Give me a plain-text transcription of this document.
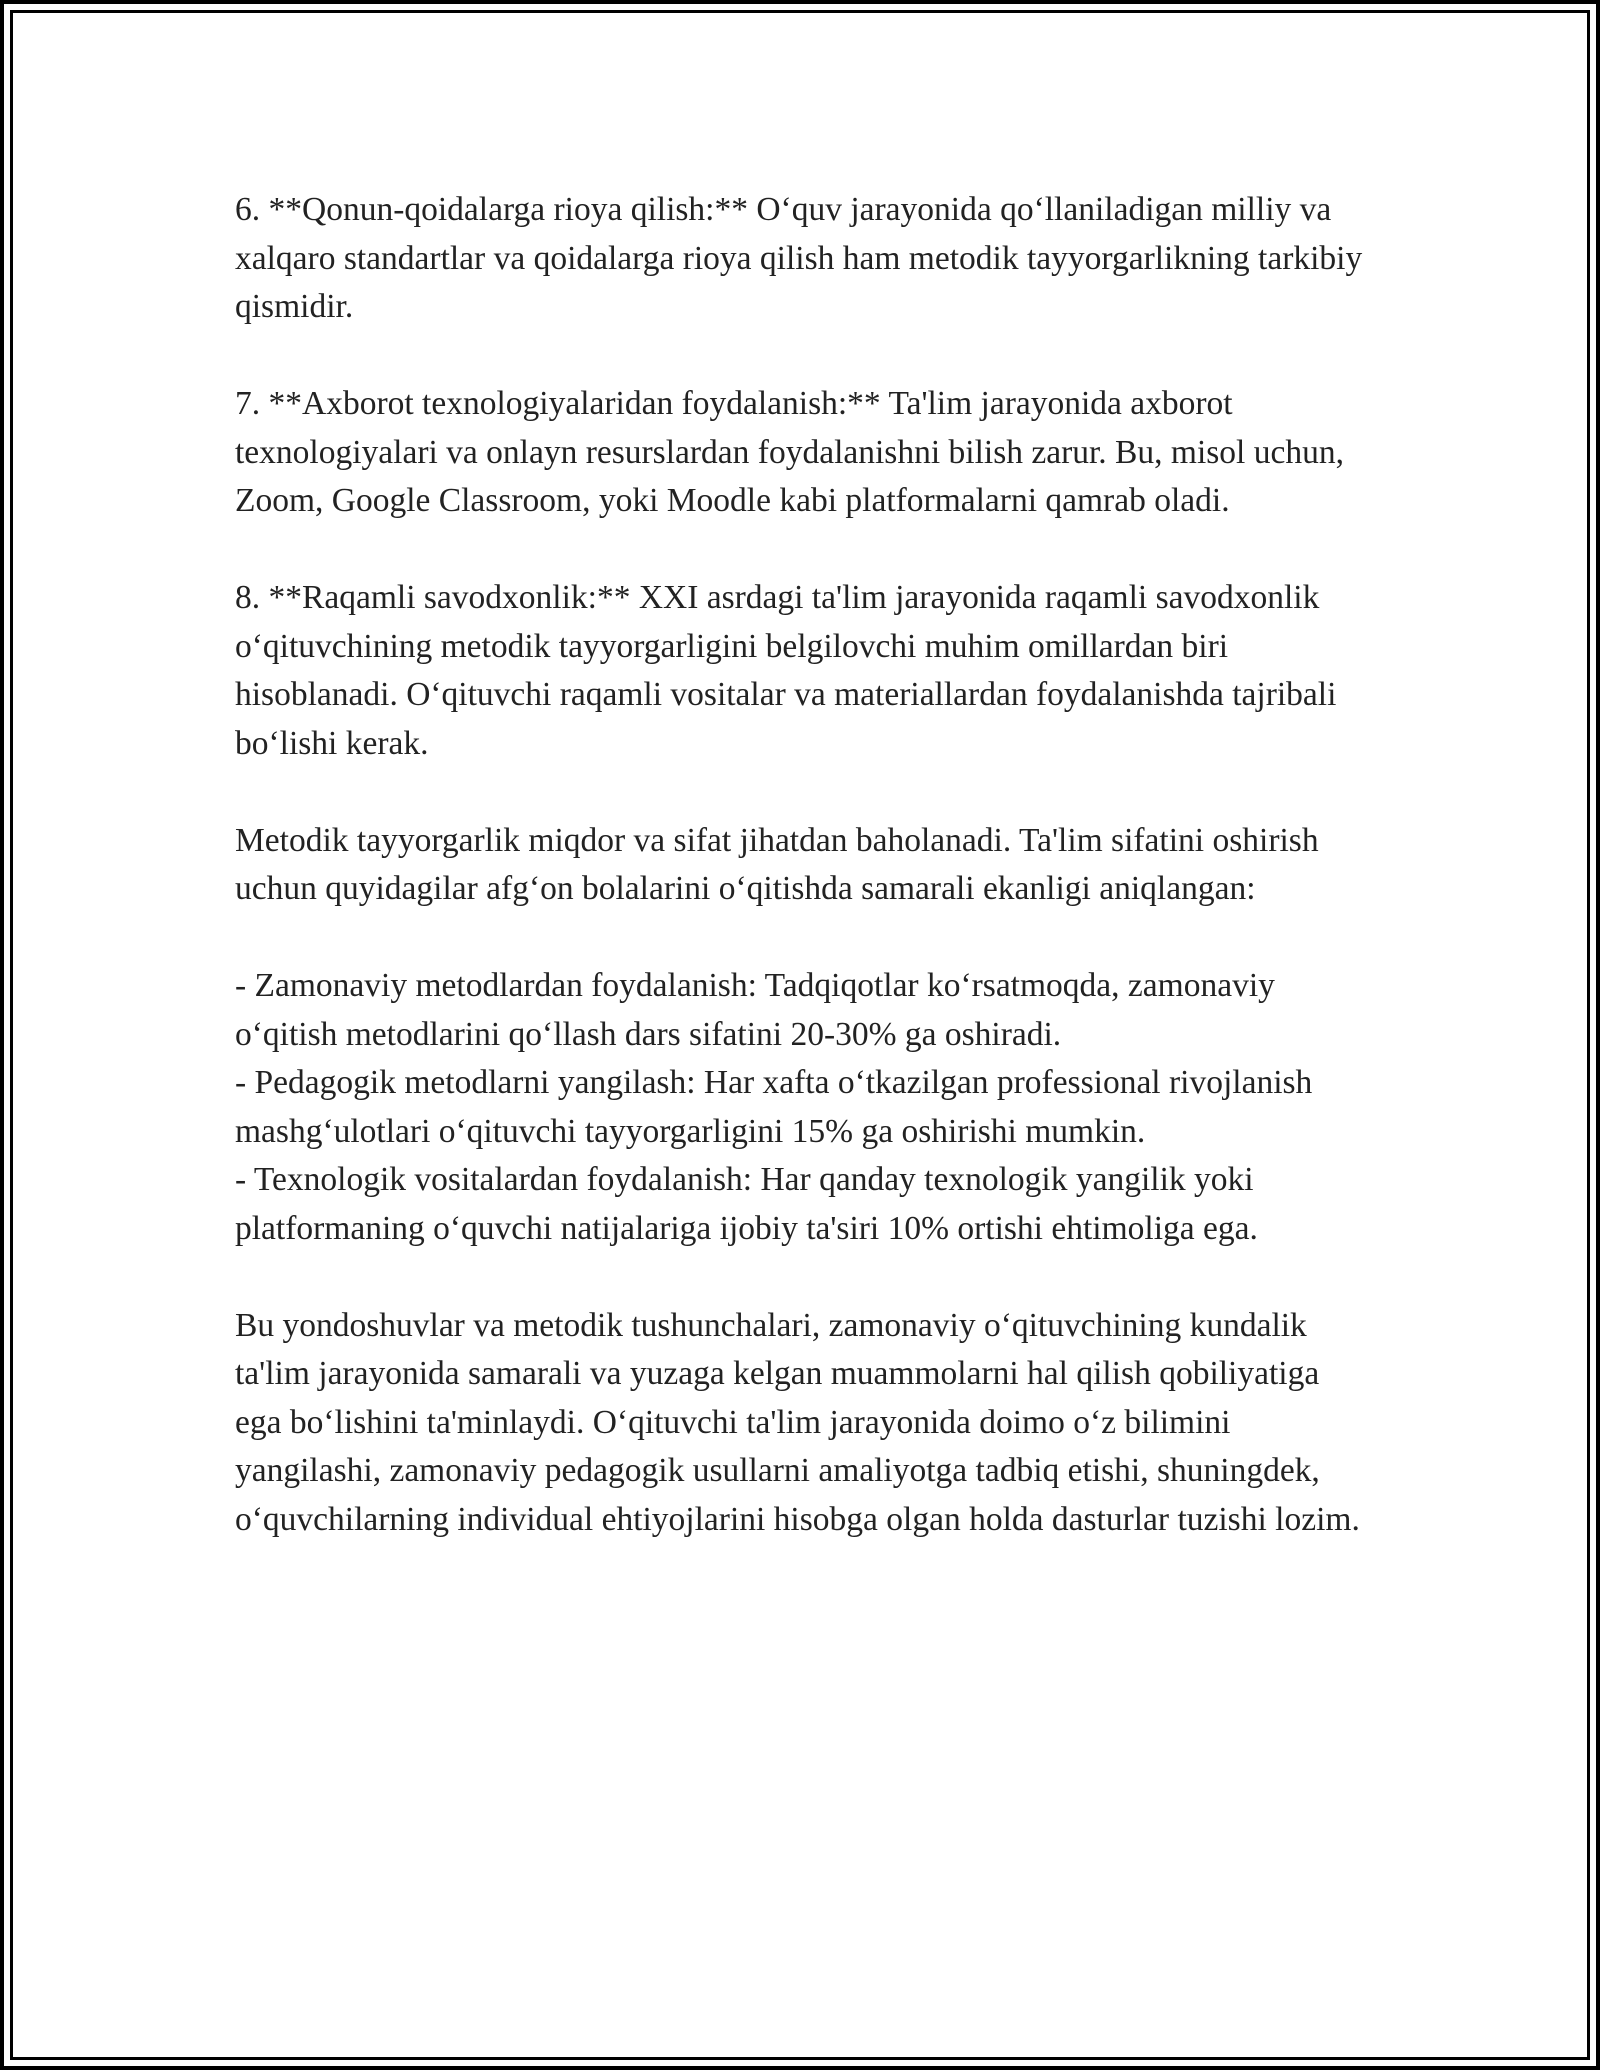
6. **Qonun-qoidalarga rioya qilish:** O‘quv jarayonida qo‘llaniladigan milliy va xalqaro standartlar va qoidalarga rioya qilish ham metodik tayyorgarlikning tarkibiy qismidir.

7. **Axborot texnologiyalaridan foydalanish:** Ta'lim jarayonida axborot texnologiyalari va onlayn resurslardan foydalanishni bilish zarur. Bu, misol uchun, Zoom, Google Classroom, yoki Moodle kabi platformalarni qamrab oladi.

8. **Raqamli savodxonlik:** XXI asrdagi ta'lim jarayonida raqamli savodxonlik o‘qituvchining metodik tayyorgarligini belgilovchi muhim omillardan biri hisoblanadi. O‘qituvchi raqamli vositalar va materiallardan foydalanishda tajribali bo‘lishi kerak.

Metodik tayyorgarlik miqdor va sifat jihatdan baholanadi. Ta'lim sifatini oshirish uchun quyidagilar afg‘on bolalarini o‘qitishda samarali ekanligi aniqlangan:

- Zamonaviy metodlardan foydalanish: Tadqiqotlar ko‘rsatmoqda, zamonaviy o‘qitish metodlarini qo‘llash dars sifatini 20-30% ga oshiradi.

- Pedagogik metodlarni yangilash: Har xafta o‘tkazilgan professional rivojlanish mashg‘ulotlari o‘qituvchi tayyorgarligini 15% ga oshirishi mumkin.

- Texnologik vositalardan foydalanish: Har qanday texnologik yangilik yoki platformaning o‘quvchi natijalariga ijobiy ta'siri 10% ortishi ehtimoliga ega.

Bu yondoshuvlar va metodik tushunchalari, zamonaviy o‘qituvchining kundalik ta'lim jarayonida samarali va yuzaga kelgan muammolarni hal qilish qobiliyatiga ega bo‘lishini ta'minlaydi. O‘qituvchi ta'lim jarayonida doimo o‘z bilimini yangilashi, zamonaviy pedagogik usullarni amaliyotga tadbiq etishi, shuningdek, o‘quvchilarning individual ehtiyojlarini hisobga olgan holda dasturlar tuzishi lozim.
